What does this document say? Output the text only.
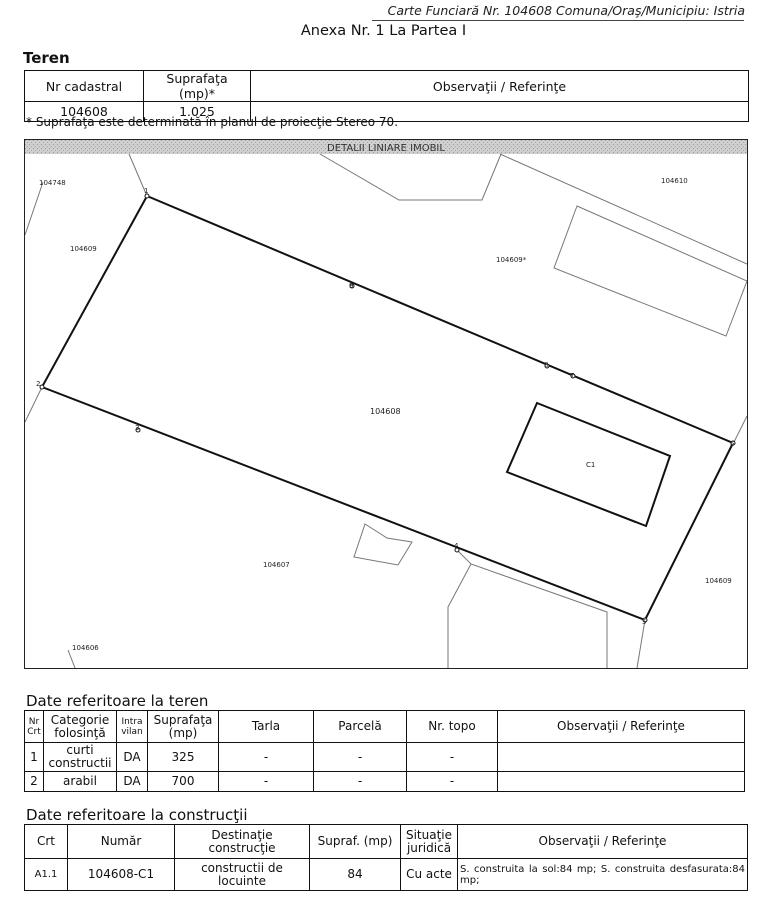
Carte Funciară Nr. 104608 Comuna/Oraş/Municipiu: Istria
Anexa Nr. 1 La Partea I
Teren
Nr cadastral	Suprafaţa (mp)*	Observaţii / Referinţe
104608	1.025	
* Suprafaţa este determinată în planul de proiecţie Stereo 70.
DETALII LINIARE IMOBIL
1
2
3
4
5
6
7
8
9
104748
104609
104610
104609*
104608
104607
104609
104606
C1
Date referitoare la teren
Nr Crt	Categorie folosinţă	Intra vilan	Suprafaţa (mp)	Tarla	Parcelă	Nr. topo	Observaţii / Referinţe
1	curti constructii	DA	325	-	-	-	
2	arabil	DA	700	-	-	-	
Date referitoare la construcţii
Crt	Număr	Destinaţie construcţie	Supraf. (mp)	Situaţie juridică	Observaţii / Referinţe
A1.1	104608-C1	constructii de locuinte	84	Cu acte	S. construita la sol:84 mp; S. construita desfasurata:84 mp;
